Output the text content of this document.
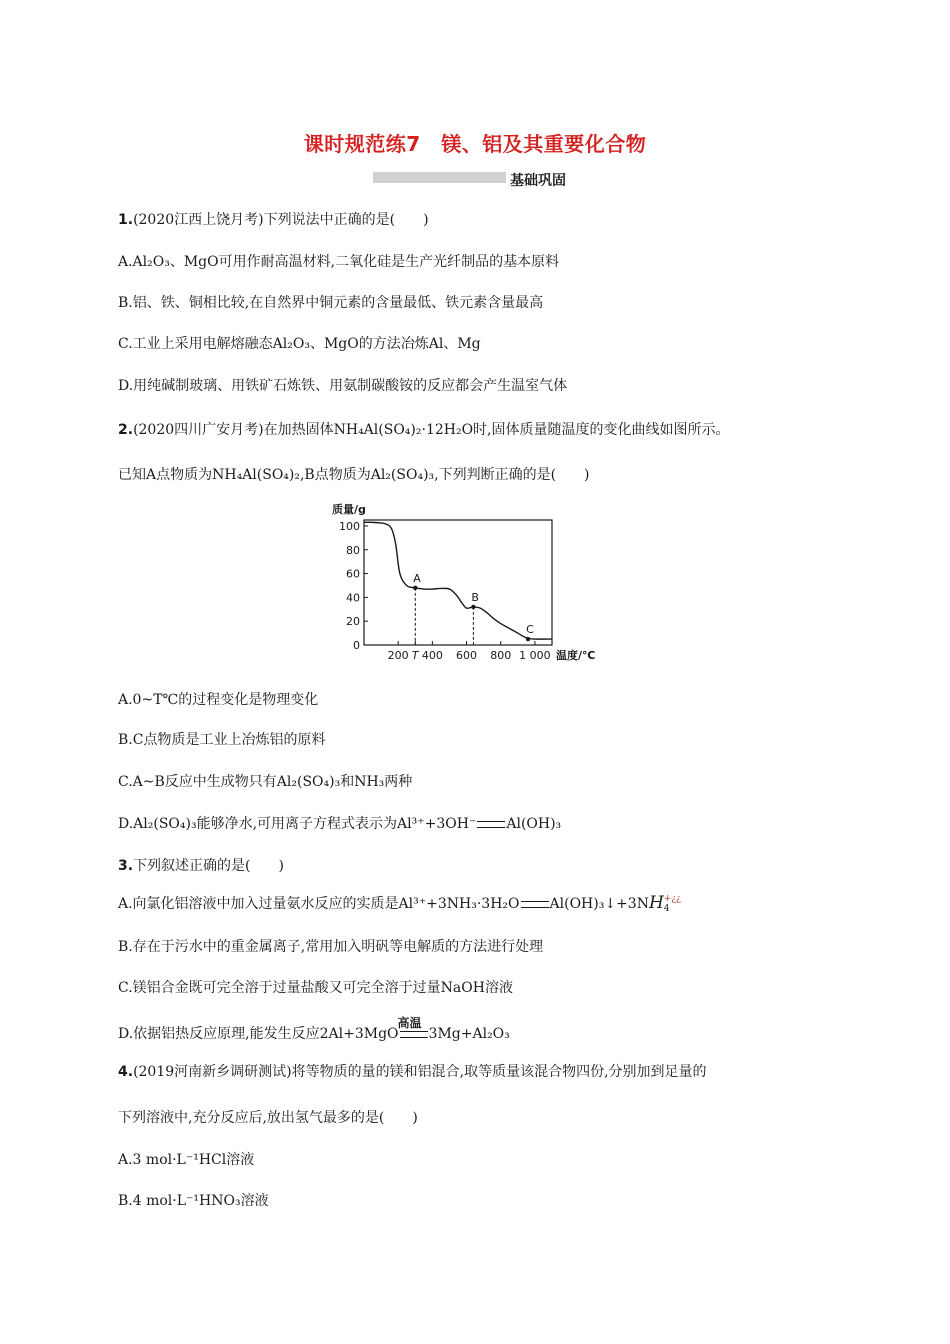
课时规范练7　镁、铝及其重要化合物
基础巩固
1.(2020江西上饶月考)下列说法中正确的是(　　)
A.Al₂O₃、MgO可用作耐高温材料,二氧化硅是生产光纤制品的基本原料
B.铝、铁、铜相比较,在自然界中铜元素的含量最低、铁元素含量最高
C.工业上采用电解熔融态Al₂O₃、MgO的方法冶炼Al、Mg
D.用纯碱制玻璃、用铁矿石炼铁、用氨制碳酸铵的反应都会产生温室气体
2.(2020四川广安月考)在加热固体NH₄Al(SO₄)₂·12H₂O时,固体质量随温度的变化曲线如图所示。
已知A点物质为NH₄Al(SO₄)₂,B点物质为Al₂(SO₄)₃,下列判断正确的是(　　)
质量/g
温度/℃
0
20
40
60
80
100
200 T 400 600 800 1 000
A
B
C
A.0~T℃的过程变化是物理变化
B.C点物质是工业上冶炼铝的原料
C.A~B反应中生成物只有Al₂(SO₄)₃和NH₃两种
D.Al₂(SO₄)₃能够净水,可用离子方程式表示为Al³⁺+3OH⁻ Al(OH)₃
3.下列叙述正确的是(　　)
A.向氯化铝溶液中加入过量氨水反应的实质是Al³⁺+3NH₃·3H₂O Al(OH)₃↓+3NH +¿¿
4
B.存在于污水中的重金属离子,常用加入明矾等电解质的方法进行处理
C.镁铝合金既可完全溶于过量盐酸又可完全溶于过量NaOH溶液
D.依据铝热反应原理,能发生反应2Al+3MgO
高温
3Mg+Al₂O₃
4.(2019河南新乡调研测试)将等物质的量的镁和铝混合,取等质量该混合物四份,分别加到足量的
下列溶液中,充分反应后,放出氢气最多的是(　　)
A.3 mol·L⁻¹HCl溶液
B.4 mol·L⁻¹HNO₃溶液
